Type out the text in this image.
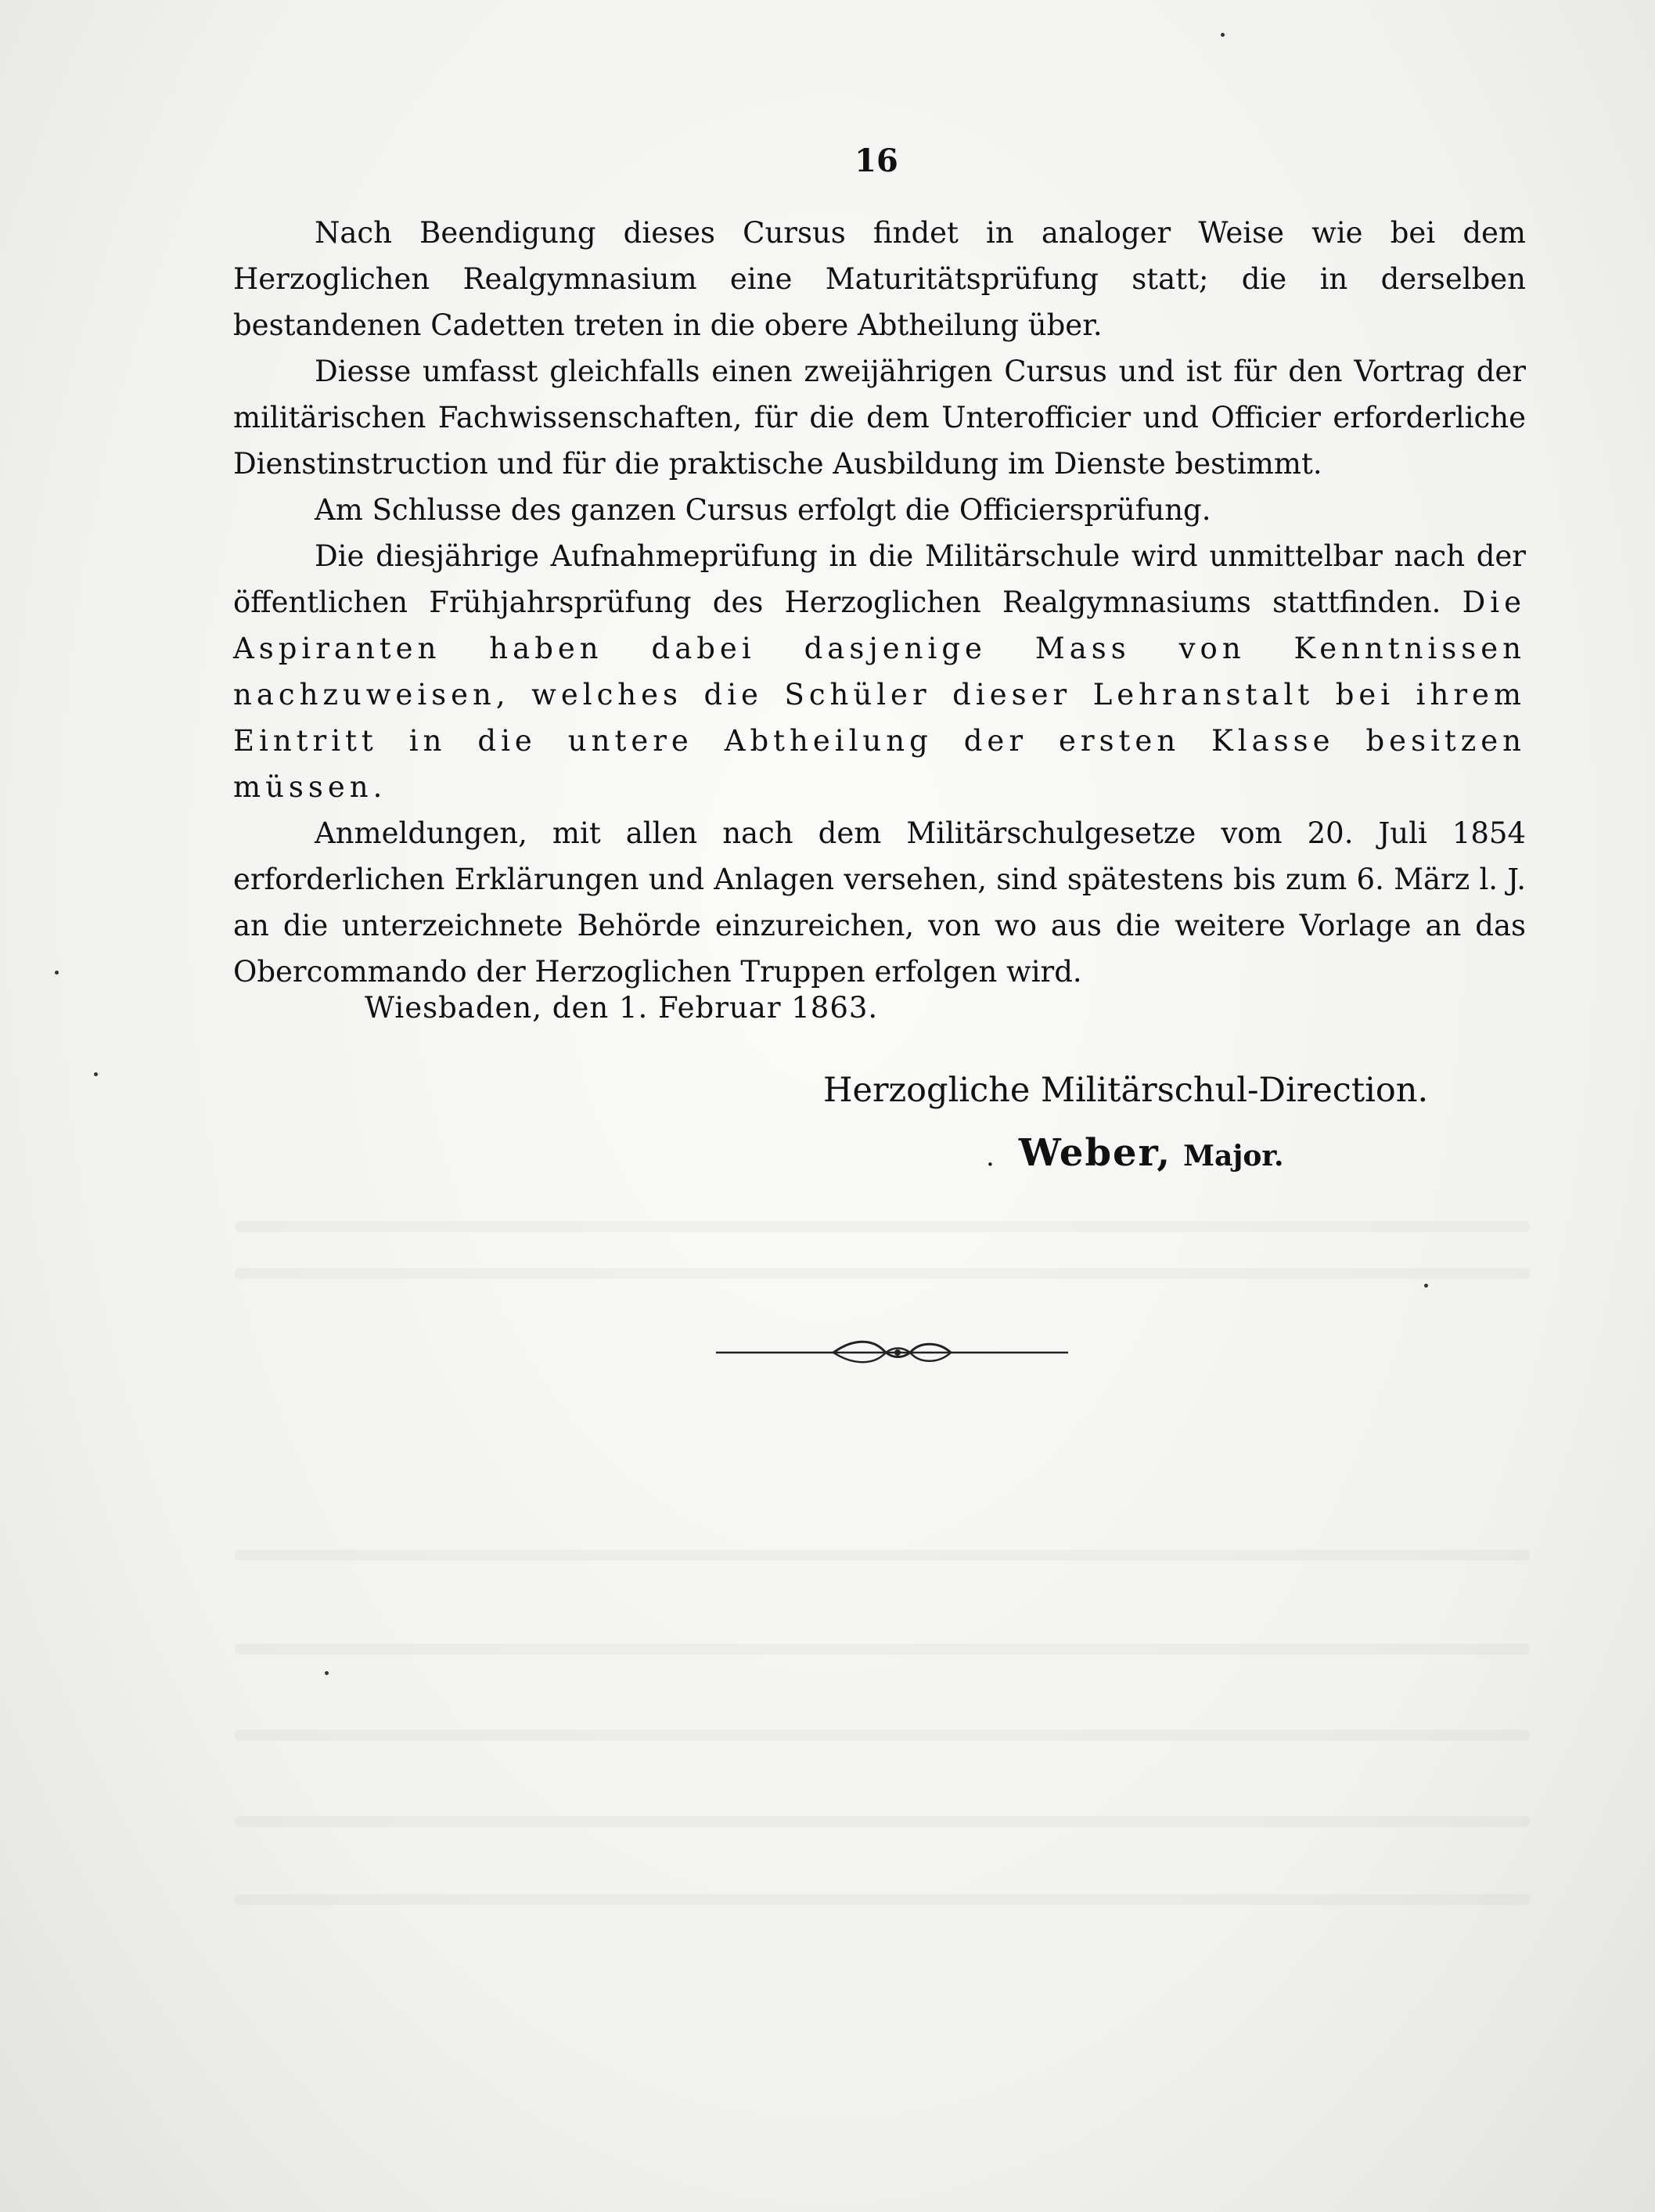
16

Nach Beendigung dieses Cursus findet in analoger Weise wie bei dem Herzoglichen Realgymnasium eine Maturitätsprüfung statt; die in derselben bestandenen Cadetten treten in die obere Abtheilung über.

Diesse umfasst gleichfalls einen zweijährigen Cursus und ist für den Vortrag der militärischen Fachwissenschaften, für die dem Unterofficier und Officier erforderliche Dienstinstruction und für die praktische Ausbildung im Dienste bestimmt.

Am Schlusse des ganzen Cursus erfolgt die Officiersprüfung.

Die diesjährige Aufnahmeprüfung in die Militärschule wird unmittelbar nach der öffentlichen Frühjahrsprüfung des Herzoglichen Realgymnasiums stattfinden. Die Aspiranten haben dabei dasjenige Mass von Kenntnissen nachzuweisen, welches die Schüler dieser Lehranstalt bei ihrem Eintritt in die untere Abtheilung der ersten Klasse besitzen müssen.

Anmeldungen, mit allen nach dem Militärschulgesetze vom 20. Juli 1854 erforderlichen Erklärungen und Anlagen versehen, sind spätestens bis zum 6. März l. J. an die unterzeichnete Behörde einzureichen, von wo aus die weitere Vorlage an das Obercommando der Herzoglichen Truppen erfolgen wird.

Wiesbaden, den 1. Februar 1863.
Herzogliche Militärschul-Direction.
. Weber, Major.
